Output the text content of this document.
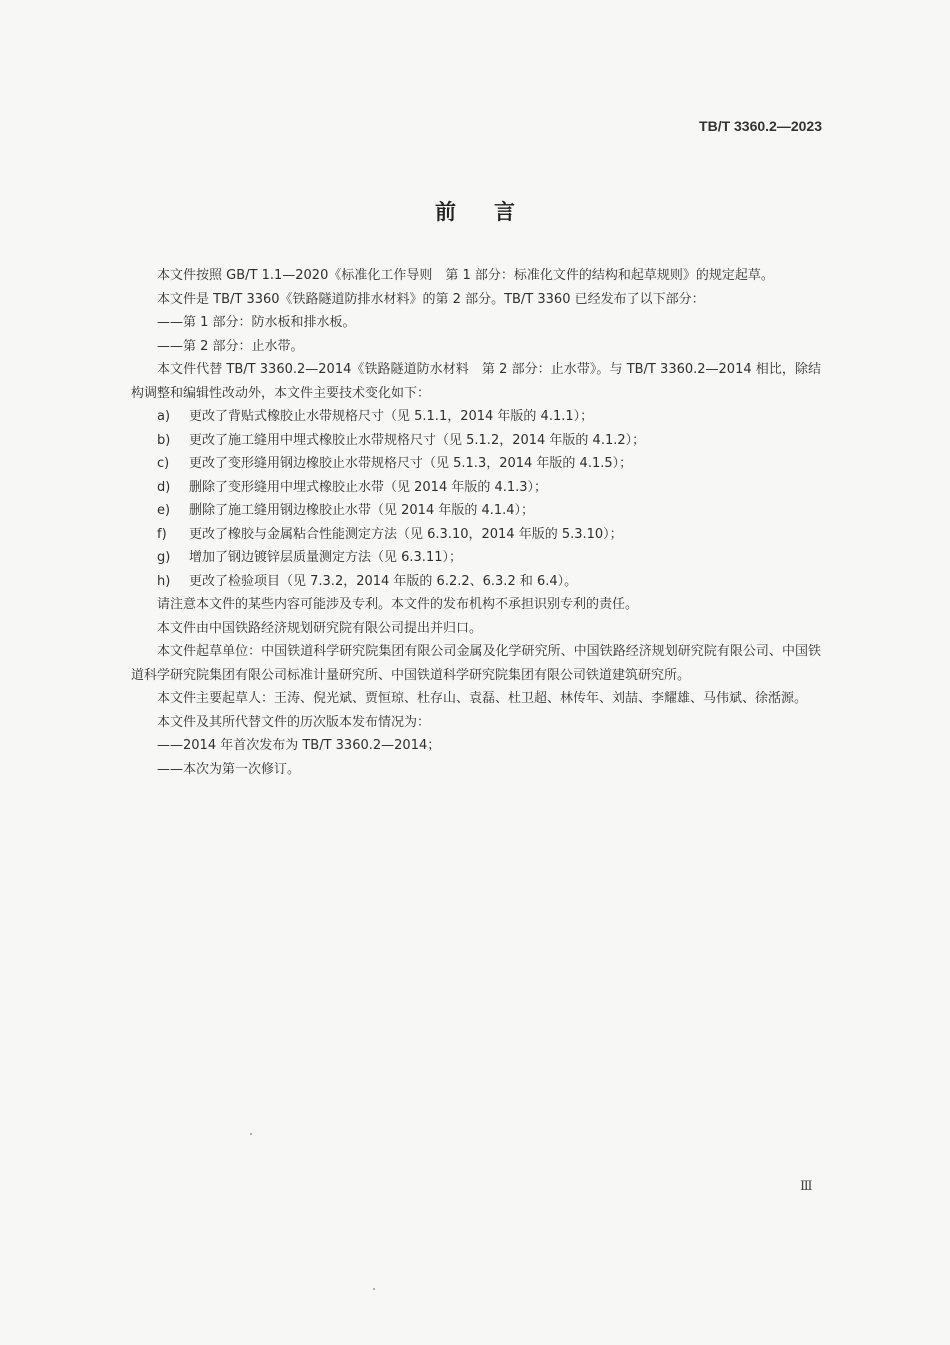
TB/T 3360.2—2023
前言

本文件按照 GB/T 1.1—2020《标准化工作导则　第 1 部分：标准化文件的结构和起草规则》的规定起草。

本文件是 TB/T 3360《铁路隧道防排水材料》的第 2 部分。TB/T 3360 已经发布了以下部分：

——第 1 部分：防水板和排水板。

——第 2 部分：止水带。

本文件代替 TB/T 3360.2—2014《铁路隧道防水材料　第 2 部分：止水带》。与 TB/T 3360.2—2014 相比，除结构调整和编辑性改动外，本文件主要技术变化如下：

a) 更改了背贴式橡胶止水带规格尺寸（见 5.1.1，2014 年版的 4.1.1）；

b) 更改了施工缝用中埋式橡胶止水带规格尺寸（见 5.1.2，2014 年版的 4.1.2）；

c) 更改了变形缝用钢边橡胶止水带规格尺寸（见 5.1.3，2014 年版的 4.1.5）；

d) 删除了变形缝用中埋式橡胶止水带（见 2014 年版的 4.1.3）；

e) 删除了施工缝用钢边橡胶止水带（见 2014 年版的 4.1.4）；

f) 更改了橡胶与金属粘合性能测定方法（见 6.3.10，2014 年版的 5.3.10）；

g) 增加了钢边镀锌层质量测定方法（见 6.3.11）；

h) 更改了检验项目（见 7.3.2，2014 年版的 6.2.2、6.3.2 和 6.4）。

请注意本文件的某些内容可能涉及专利。本文件的发布机构不承担识别专利的责任。

本文件由中国铁路经济规划研究院有限公司提出并归口。

本文件起草单位：中国铁道科学研究院集团有限公司金属及化学研究所、中国铁路经济规划研究院有限公司、中国铁道科学研究院集团有限公司标准计量研究所、中国铁道科学研究院集团有限公司铁道建筑研究所。

本文件主要起草人：王涛、倪光斌、贾恒琼、杜存山、袁磊、杜卫超、林传年、刘喆、李耀雄、马伟斌、徐湉源。

本文件及其所代替文件的历次版本发布情况为：

——2014 年首次发布为 TB/T 3360.2—2014；

——本次为第一次修订。

Ⅲ
